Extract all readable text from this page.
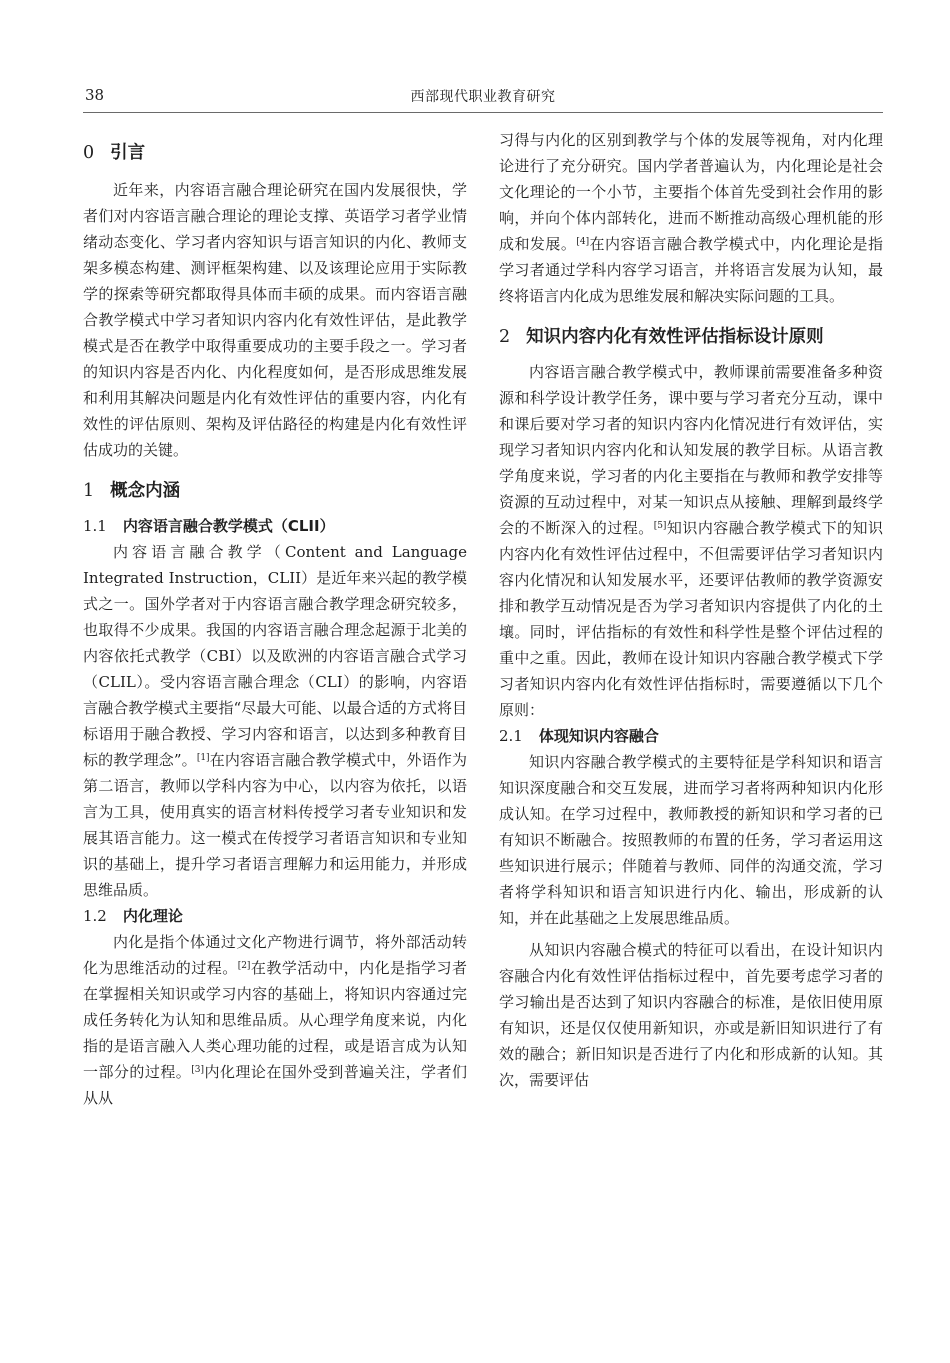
38	西部现代职业教育研究
0 引言

近年来，内容语言融合理论研究在国内发展很快，学者们对内容语言融合理论的理论支撑、英语学习者学业情绪动态变化、学习者内容知识与语言知识的内化、教师支架多模态构建、测评框架构建、以及该理论应用于实际教学的探索等研究都取得具体而丰硕的成果。而内容语言融合教学模式中学习者知识内容内化有效性评估，是此教学模式是否在教学中取得重要成功的主要手段之一。学习者的知识内容是否内化、内化程度如何，是否形成思维发展和利用其解决问题是内化有效性评估的重要内容，内化有效性的评估原则、架构及评估路径的构建是内化有效性评估成功的关键。

1 概念内涵
1.1 内容语言融合教学模式（CLII）

内容语言融合教学（Content and Language Integrated Instruction，CLII）是近年来兴起的教学模式之一。国外学者对于内容语言融合教学理念研究较多，也取得不少成果。我国的内容语言融合理念起源于北美的内容依托式教学（CBI）以及欧洲的内容语言融合式学习（CLIL）。受内容语言融合理念（CLI）的影响，内容语言融合教学模式主要指“尽最大可能、以最合适的方式将目标语用于融合教授、学习内容和语言，以达到多种教育目标的教学理念”。[1]在内容语言融合教学模式中，外语作为第二语言，教师以学科内容为中心，以内容为依托，以语言为工具，使用真实的语言材料传授学习者专业知识和发展其语言能力。这一模式在传授学习者语言知识和专业知识的基础上，提升学习者语言理解力和运用能力，并形成思维品质。

1.2 内化理论

内化是指个体通过文化产物进行调节，将外部活动转化为思维活动的过程。[2]在教学活动中，内化是指学习者在掌握相关知识或学习内容的基础上，将知识内容通过完成任务转化为认知和思维品质。从心理学角度来说，内化指的是语言融入人类心理功能的过程，或是语言成为认知一部分的过程。[3]内化理论在国外受到普遍关注，学者们从从

习得与内化的区别到教学与个体的发展等视角，对内化理论进行了充分研究。国内学者普遍认为，内化理论是社会文化理论的一个小节，主要指个体首先受到社会作用的影响，并向个体内部转化，进而不断推动高级心理机能的形成和发展。[4]在内容语言融合教学模式中，内化理论是指学习者通过学科内容学习语言，并将语言发展为认知，最终将语言内化成为思维发展和解决实际问题的工具。

2 知识内容内化有效性评估指标设计原则

内容语言融合教学模式中，教师课前需要准备多种资源和科学设计教学任务，课中要与学习者充分互动，课中和课后要对学习者的知识内容内化情况进行有效评估，实现学习者知识内容内化和认知发展的教学目标。从语言教学角度来说，学习者的内化主要指在与教师和教学安排等资源的互动过程中，对某一知识点从接触、理解到最终学会的不断深入的过程。[5]知识内容融合教学模式下的知识内容内化有效性评估过程中，不但需要评估学习者知识内容内化情况和认知发展水平，还要评估教师的教学资源安排和教学互动情况是否为学习者知识内容提供了内化的土壤。同时，评估指标的有效性和科学性是整个评估过程的重中之重。因此，教师在设计知识内容融合教学模式下学习者知识内容内化有效性评估指标时，需要遵循以下几个原则：

2.1 体现知识内容融合

知识内容融合教学模式的主要特征是学科知识和语言知识深度融合和交互发展，进而学习者将两种知识内化形成认知。在学习过程中，教师教授的新知识和学习者的已有知识不断融合。按照教师的布置的任务，学习者运用这些知识进行展示；伴随着与教师、同伴的沟通交流，学习者将学科知识和语言知识进行内化、输出，形成新的认知，并在此基础之上发展思维品质。

从知识内容融合模式的特征可以看出，在设计知识内容融合内化有效性评估指标过程中，首先要考虑学习者的学习输出是否达到了知识内容融合的标准，是依旧使用原有知识，还是仅仅使用新知识，亦或是新旧知识进行了有效的融合；新旧知识是否进行了内化和形成新的认知。其次，需要评估
